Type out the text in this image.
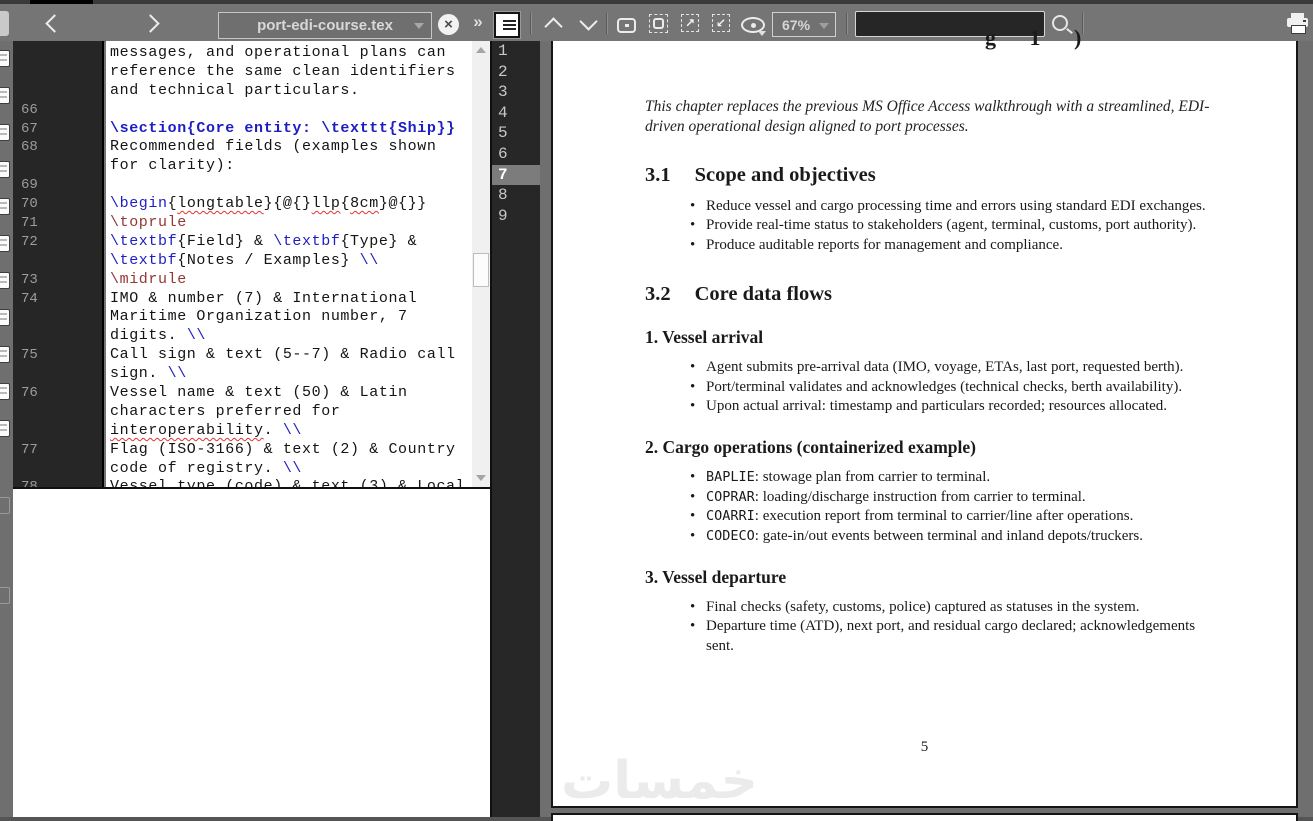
port-edi-course.tex	×	»	↗	↙	67%
66
67
68
69
70
71
72
73
74
75
76
77
messages, and operational plans can
reference the same clean identifiers
and technical particulars.
\section{Core entity: \texttt{Ship}}
Recommended fields (examples shown
for clarity):
\begin{longtable}{@{}llp{8cm}@{}}
\toprule
\textbf{Field} & \textbf{Type} &
\textbf{Notes / Examples} \\
\midrule
IMO & number (7) & International
Maritime Organization number, 7
digits. \\
Call sign & text (5--7) & Radio call
sign. \\
Vessel name & text (50) & Latin
characters preferred for
interoperability. \\
Flag (ISO-3166) & text (2) & Country
code of registry. \\
1
2
3
4
5
6
7
8
9
g 1 )
This chapter replaces the previous MS Office Access walkthrough with a streamlined, EDI-
driven operational design aligned to port processes.
3.1 Scope and objectives
• Reduce vessel and cargo processing time and errors using standard EDI exchanges.
• Provide real-time status to stakeholders (agent, terminal, customs, port authority).
• Produce auditable reports for management and compliance.
3.2 Core data flows
1. Vessel arrival
• Agent submits pre-arrival data (IMO, voyage, ETAs, last port, requested berth).
• Port/terminal validates and acknowledges (technical checks, berth availability).
• Upon actual arrival: timestamp and particulars recorded; resources allocated.
2. Cargo operations (containerized example)
• BAPLIE: stowage plan from carrier to terminal.
• COPRAR: loading/discharge instruction from carrier to terminal.
• COARRI: execution report from terminal to carrier/line after operations.
• CODECO: gate-in/out events between terminal and inland depots/truckers.
3. Vessel departure
• Final checks (safety, customs, police) captured as statuses in the system.
• Departure time (ATD), next port, and residual cargo declared; acknowledgements
sent.
5
خمسات
